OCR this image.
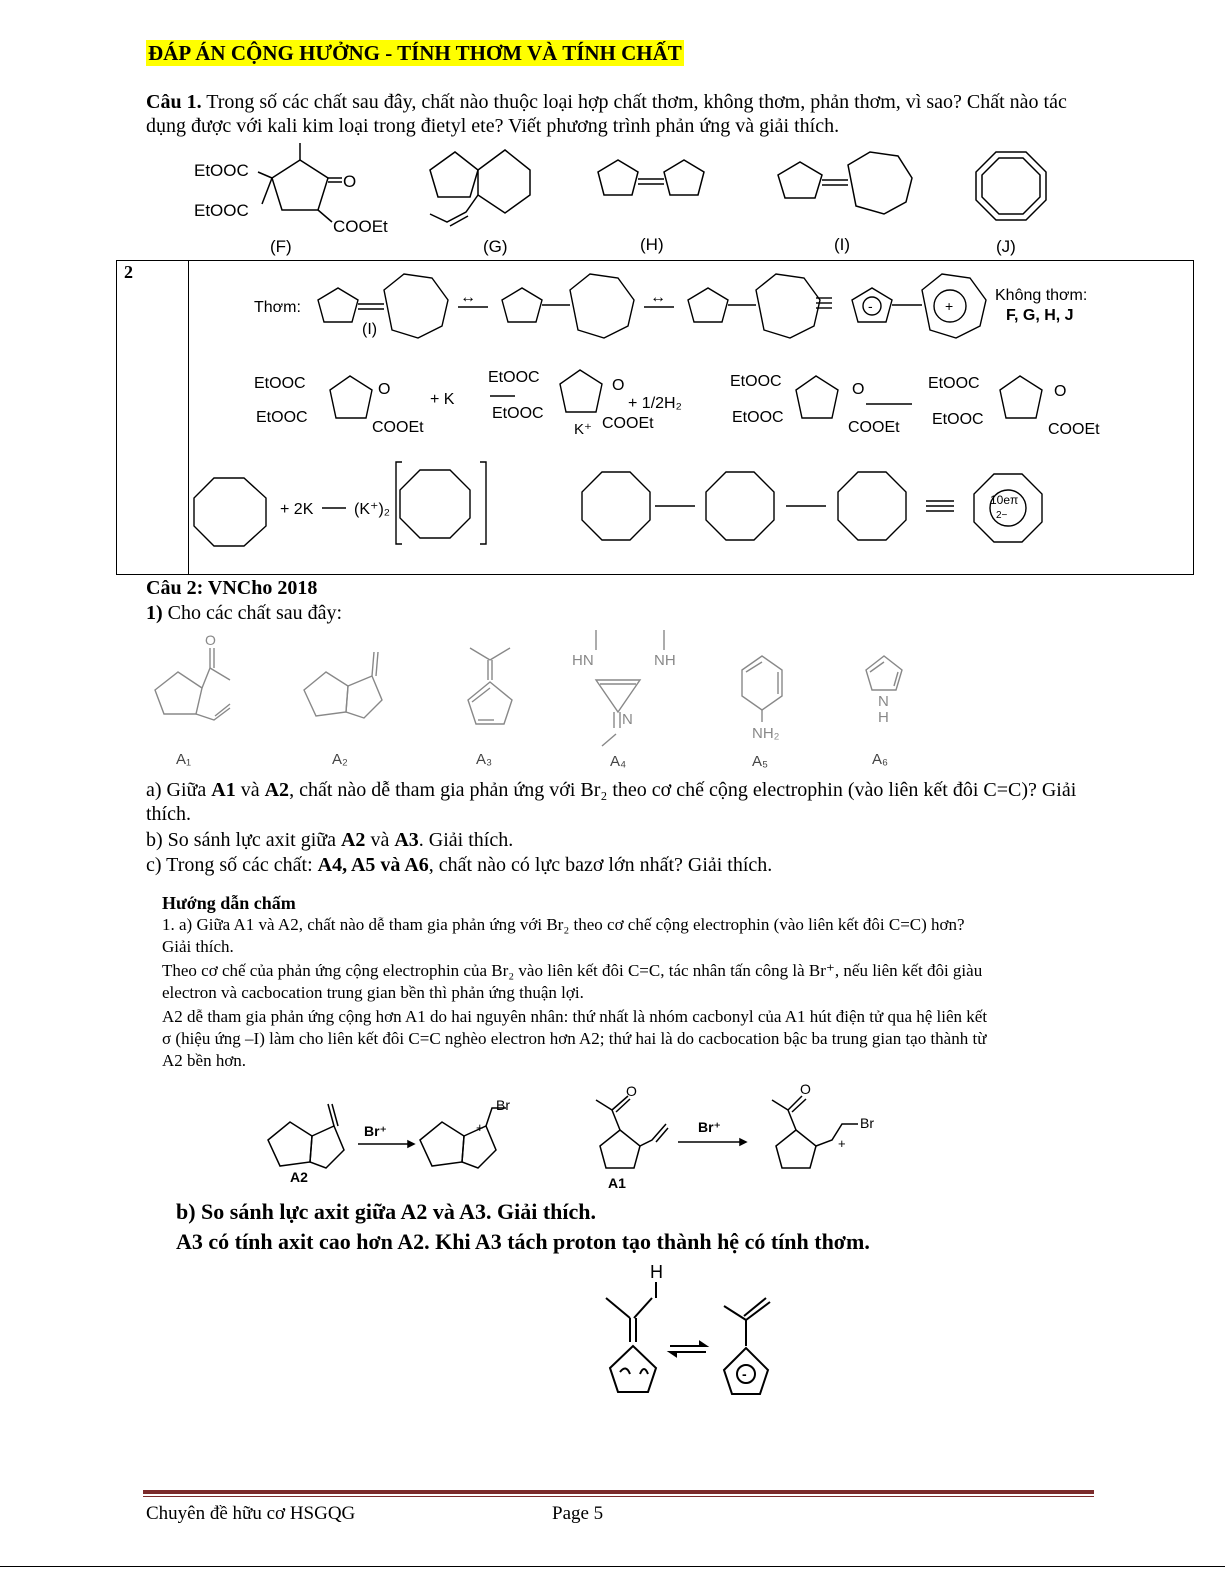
ĐÁP ÁN CỘNG HƯỞNG - TÍNH THƠM VÀ TÍNH CHẤT
Câu 1. Trong số các chất sau đây, chất nào thuộc loại hợp chất thơm, không thơm, phản thơm, vì sao? Chất nào tác dụng được với kali kim loại trong đietyl ete? Viết phương trình phản ứng và giải thích.
EtOOC
EtOOC
O
COOEt
(F)	(G)	(H)	(I)	(J)
2
Thơm:
(I)
Không thơm:
F, G, H, J
-	+
↔	↔
EtOOC
EtOOC
O
COOEt
+ K
EtOOC
EtOOC
O
K⁺ COOEt
+ 1/2H₂
EtOOC
EtOOC
O
COOEt
EtOOC
EtOOC
O
COOEt
+ 2K	(K⁺)₂
10eπ
2−
Câu 2: VNCho 2018
1) Cho các chất sau đây:
O
HN	NH
N
NH₂
N
H
A₁	A₂	A₃	A₄	A₅	A₆
a) Giữa A1 và A2, chất nào dễ tham gia phản ứng với Br₂ theo cơ chế cộng electrophin (vào liên kết đôi C=C)? Giải thích.
b) So sánh lực axit giữa A2 và A3. Giải thích.
c) Trong số các chất: A4, A5 và A6, chất nào có lực bazơ lớn nhất? Giải thích.
Hướng dẫn chấm
1. a) Giữa A1 và A2, chất nào dễ tham gia phản ứng với Br₂ theo cơ chế cộng electrophin (vào liên kết đôi C=C) hơn? Giải thích.
Theo cơ chế của phản ứng cộng electrophin của Br₂ vào liên kết đôi C=C, tác nhân tấn công là Br⁺, nếu liên kết đôi giàu electron và cacbocation trung gian bền thì phản ứng thuận lợi.
A2 dễ tham gia phản ứng cộng hơn A1 do hai nguyên nhân: thứ nhất là nhóm cacbonyl của A1 hút điện tử qua hệ liên kết σ (hiệu ứng –I) làm cho liên kết đôi C=C nghèo electron hơn A2; thứ hai là do cacbocation bậc ba trung gian tạo thành từ A2 bền hơn.
Br⁺
Br
+
A2
O
A1
Br⁺
O
Br
+
b) So sánh lực axit giữa A2 và A3. Giải thích.
A3 có tính axit cao hơn A2. Khi A3 tách proton tạo thành hệ có tính thơm.
H
-
Chuyên đề hữu cơ HSGQG	Page 5
